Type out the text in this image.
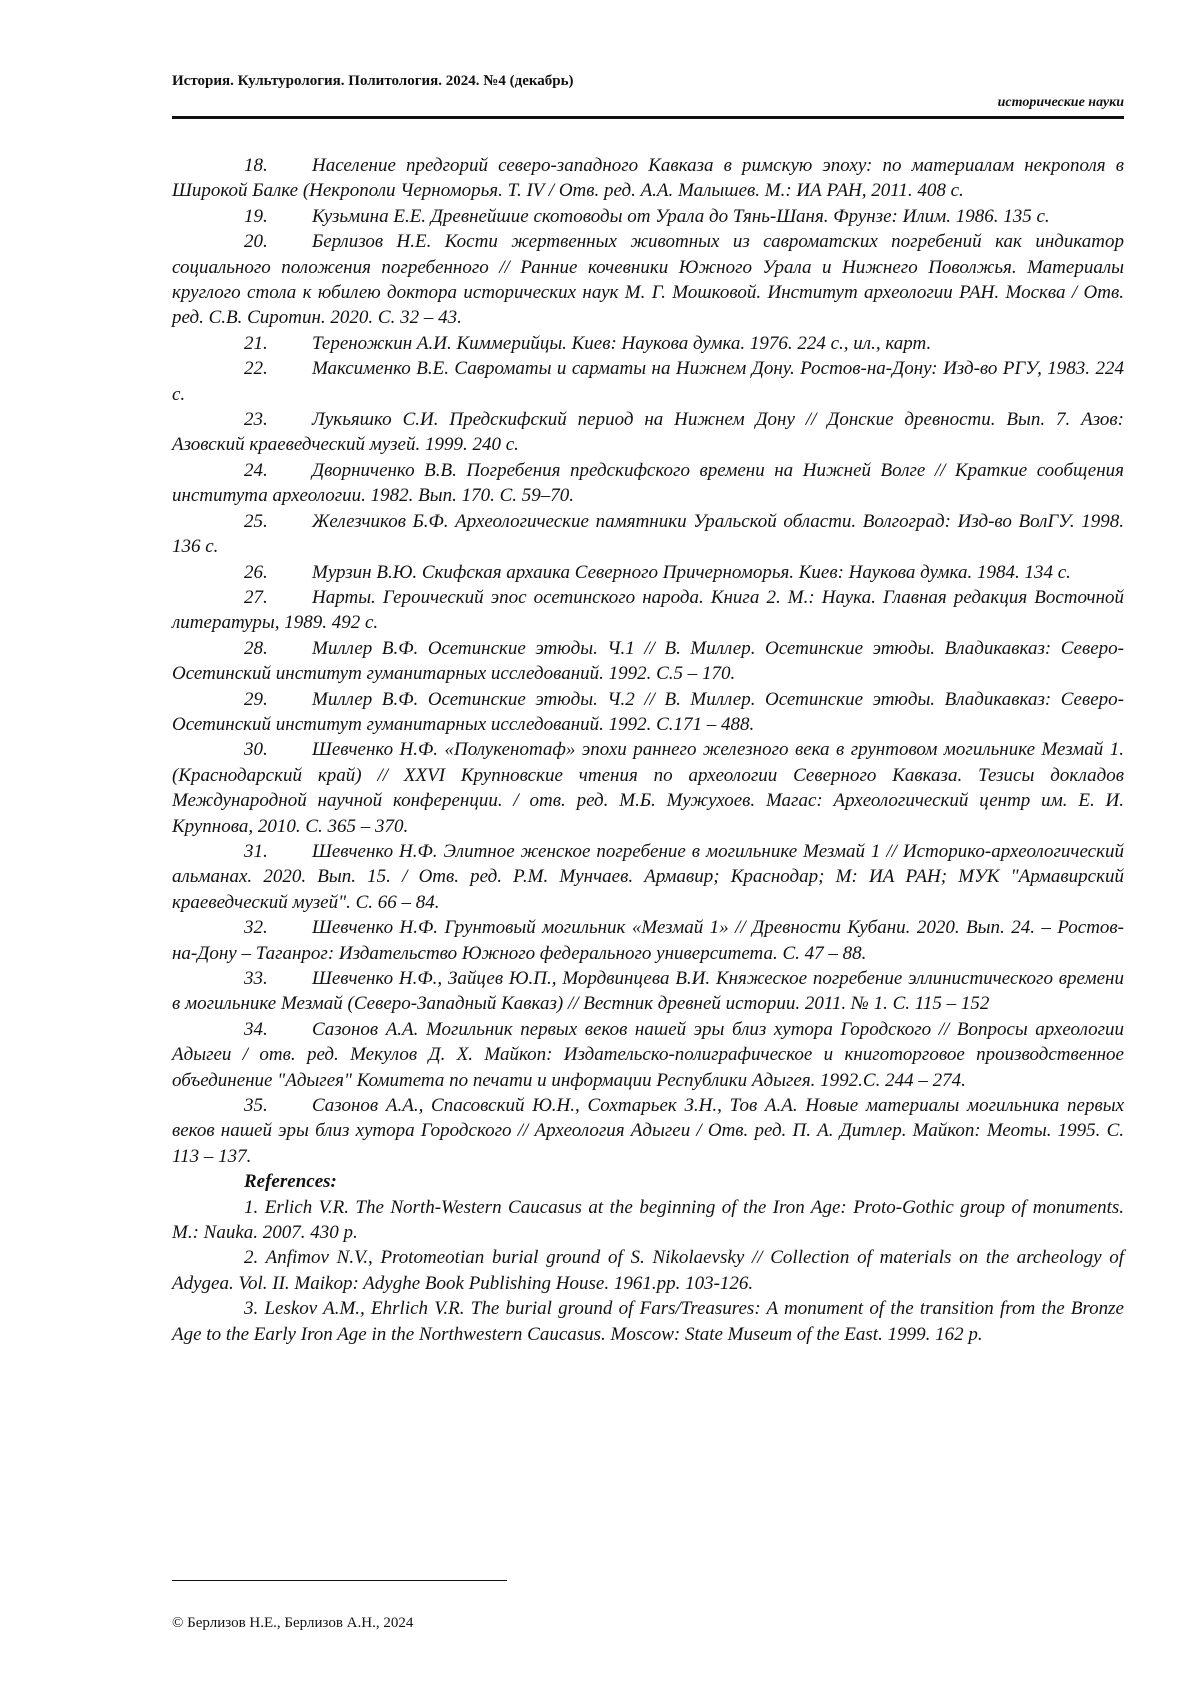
История. Культурология. Политология. 2024. №4 (декабрь)
исторические науки

18. Население предгорий северо-западного Кавказа в римскую эпоху: по материалам некрополя в Широкой Балке (Некрополи Черноморья. Т. IV / Отв. ред. А.А. Малышев. М.: ИА РАН, 2011. 408 с.

19. Кузьмина Е.Е. Древнейшие скотоводы от Урала до Тянь-Шаня. Фрунзе: Илим. 1986. 135 с.

20. Берлизов Н.Е. Кости жертвенных животных из савроматских погребений как индикатор социального положения погребенного // Ранние кочевники Южного Урала и Нижнего Поволжья. Материалы круглого стола к юбилею доктора исторических наук М. Г. Мошковой. Институт археологии РАН. Москва / Отв. ред. С.В. Сиротин. 2020. С. 32 – 43.

21. Тереножкин А.И. Киммерийцы. Киев: Наукова думка. 1976. 224 с., ил., карт.

22. Максименко В.Е. Савроматы и сарматы на Нижнем Дону. Ростов-на-Дону: Изд-во РГУ, 1983. 224 с.

23. Лукьяшко С.И. Предскифский период на Нижнем Дону // Донские древности. Вып. 7. Азов: Азовский краеведческий музей. 1999. 240 с.

24. Дворниченко В.В. Погребения предскифского времени на Нижней Волге // Краткие сообщения института археологии. 1982. Вып. 170. С. 59–70.

25. Железчиков Б.Ф. Археологические памятники Уральской области. Волгоград: Изд-во ВолГУ. 1998. 136 с.

26. Мурзин В.Ю. Скифская архаика Северного Причерноморья. Киев: Наукова думка. 1984. 134 с.

27. Нарты. Героический эпос осетинского народа. Книга 2. М.: Наука. Главная редакция Восточной литературы, 1989. 492 с.

28. Миллер В.Ф. Осетинские этюды. Ч.1 // В. Миллер. Осетинские этюды. Владикавказ: Северо-Осетинский институт гуманитарных исследований. 1992. С.5 – 170.

29. Миллер В.Ф. Осетинские этюды. Ч.2 // В. Миллер. Осетинские этюды. Владикавказ: Северо-Осетинский институт гуманитарных исследований. 1992. С.171 – 488.

30. Шевченко Н.Ф. «Полукенотаф» эпохи раннего железного века в грунтовом могильнике Мезмай 1. (Краснодарский край) // XXVI Крупновские чтения по археологии Северного Кавказа. Тезисы докладов Международной научной конференции. / отв. ред. М.Б. Мужухоев. Магас: Археологический центр им. Е. И. Крупнова, 2010. С. 365 – 370.

31. Шевченко Н.Ф. Элитное женское погребение в могильнике Мезмай 1 // Историко-археологический альманах. 2020. Вып. 15. / Отв. ред. Р.М. Мунчаев. Армавир; Краснодар; М: ИА РАН; МУК "Армавирский краеведческий музей". С. 66 – 84.

32. Шевченко Н.Ф. Грунтовый могильник «Мезмай 1» // Древности Кубани. 2020. Вып. 24. – Ростов-на-Дону – Таганрог: Издательство Южного федерального университета. С. 47 – 88.

33. Шевченко Н.Ф., Зайцев Ю.П., Мордвинцева В.И. Княжеское погребение эллинистического времени в могильнике Мезмай (Северо-Западный Кавказ) // Вестник древней истории. 2011. № 1. С. 115 – 152

34. Сазонов А.А. Могильник первых веков нашей эры близ хутора Городского // Вопросы археологии Адыгеи / отв. ред. Мекулов Д. Х. Майкоп: Издательско-полиграфическое и книготорговое производственное объединение "Адыгея" Комитета по печати и информации Республики Адыгея. 1992.С. 244 – 274.

35. Сазонов А.А., Спасовский Ю.Н., Сохтарьек З.Н., Тов А.А. Новые материалы могильника первых веков нашей эры близ хутора Городского // Археология Адыгеи / Отв. ред. П. А. Дитлер. Майкоп: Меоты. 1995. С. 113 – 137.

References:

1. Erlich V.R. The North-Western Caucasus at the beginning of the Iron Age: Proto-Gothic group of monuments. M.: Nauka. 2007. 430 p.

2. Anfimov N.V., Protomeotian burial ground of S. Nikolaevsky // Collection of materials on the archeology of Adygea. Vol. II. Maikop: Adyghe Book Publishing House. 1961.pp. 103-126.

3. Leskov A.M., Ehrlich V.R. The burial ground of Fars/Treasures: A monument of the transition from the Bronze Age to the Early Iron Age in the Northwestern Caucasus. Moscow: State Museum of the East. 1999. 162 p.

© Берлизов Н.Е., Берлизов А.Н., 2024
